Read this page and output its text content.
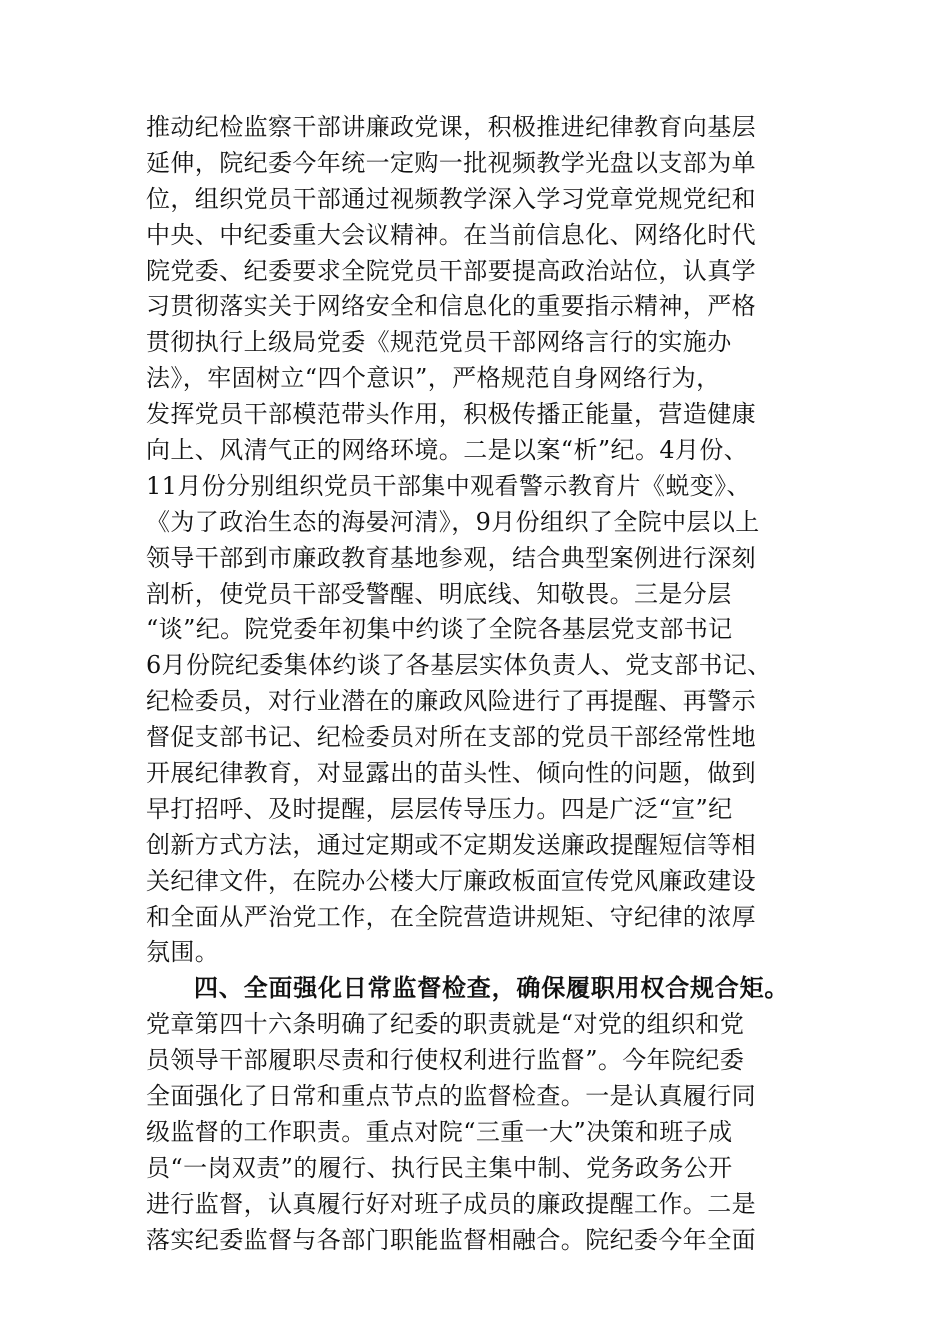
推动纪检监察干部讲廉政党课，积极推进纪律教育向基层
延伸，院纪委今年统一定购一批视频教学光盘以支部为单
位，组织党员干部通过视频教学深入学习党章党规党纪和
中央、中纪委重大会议精神。在当前信息化、网络化时代
院党委、纪委要求全院党员干部要提高政治站位，认真学
习贯彻落实关于网络安全和信息化的重要指示精神，严格
贯彻执行上级局党委《规范党员干部网络言行的实施办
法》，牢固树立“四个意识”，严格规范自身网络行为，
发挥党员干部模范带头作用，积极传播正能量，营造健康
向上、风清气正的网络环境。二是以案“析”纪。4月份、
11月份分别组织党员干部集中观看警示教育片《蜕变》、
《为了政治生态的海晏河清》，9月份组织了全院中层以上
领导干部到市廉政教育基地参观，结合典型案例进行深刻
剖析，使党员干部受警醒、明底线、知敬畏。三是分层
“谈”纪。院党委年初集中约谈了全院各基层党支部书记
6月份院纪委集体约谈了各基层实体负责人、党支部书记、
纪检委员，对行业潜在的廉政风险进行了再提醒、再警示
督促支部书记、纪检委员对所在支部的党员干部经常性地
开展纪律教育，对显露出的苗头性、倾向性的问题，做到
早打招呼、及时提醒，层层传导压力。四是广泛“宣”纪
创新方式方法，通过定期或不定期发送廉政提醒短信等相
关纪律文件，在院办公楼大厅廉政板面宣传党风廉政建设
和全面从严治党工作，在全院营造讲规矩、守纪律的浓厚
氛围。
四、全面强化日常监督检查，确保履职用权合规合矩。
党章第四十六条明确了纪委的职责就是“对党的组织和党
员领导干部履职尽责和行使权利进行监督”。今年院纪委
全面强化了日常和重点节点的监督检查。一是认真履行同
级监督的工作职责。重点对院“三重一大”决策和班子成
员“一岗双责”的履行、执行民主集中制、党务政务公开
进行监督，认真履行好对班子成员的廉政提醒工作。二是
落实纪委监督与各部门职能监督相融合。院纪委今年全面
